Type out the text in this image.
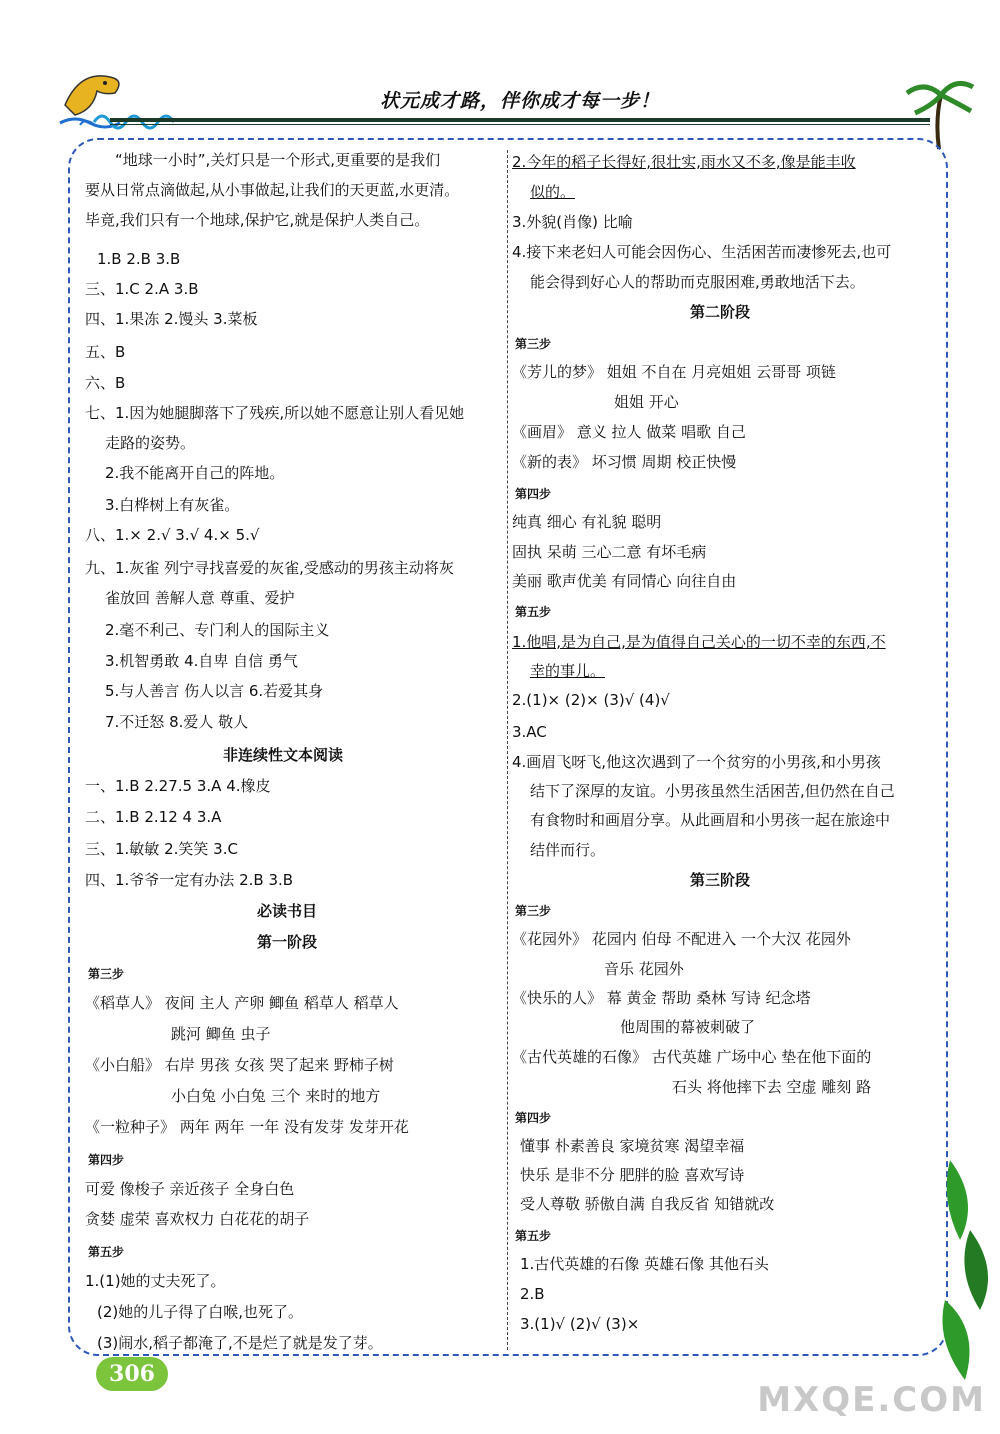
状元成才路，伴你成才每一步！
“地球一小时”,关灯只是一个形式,更重要的是我们
要从日常点滴做起,从小事做起,让我们的天更蓝,水更清。
毕竟,我们只有一个地球,保护它,就是保护人类自己。
1.B 2.B 3.B
三、1.C 2.A 3.B
四、1.果冻 2.馒头 3.菜板
五、B
六、B
七、1.因为她腿脚落下了残疾,所以她不愿意让别人看见她
走路的姿势。
2.我不能离开自己的阵地。
3.白桦树上有灰雀。
八、1.× 2.√ 3.√ 4.× 5.√
九、1.灰雀 列宁寻找喜爱的灰雀,受感动的男孩主动将灰
雀放回 善解人意 尊重、爱护
2.毫不利己、专门利人的国际主义
3.机智勇敢 4.自卑 自信 勇气
5.与人善言 伤人以言 6.若爱其身
7.不迁怒 8.爱人 敬人
非连续性文本阅读
一、1.B 2.27.5 3.A 4.橡皮
二、1.B 2.12 4 3.A
三、1.敏敏 2.笑笑 3.C
四、1.爷爷一定有办法 2.B 3.B
必读书目
第一阶段
第三步
《稻草人》 夜间 主人 产卵 鲫鱼 稻草人 稻草人
跳河 鲫鱼 虫子
《小白船》 右岸 男孩 女孩 哭了起来 野柿子树
小白兔 小白兔 三个 来时的地方
《一粒种子》 两年 两年 一年 没有发芽 发芽开花
第四步
可爱 像梭子 亲近孩子 全身白色
贪婪 虚荣 喜欢权力 白花花的胡子
第五步
1.(1)她的丈夫死了。
(2)她的儿子得了白喉,也死了。
(3)闹水,稻子都淹了,不是烂了就是发了芽。
2.今年的稻子长得好,很壮实,雨水又不多,像是能丰收
似的。
3.外貌(肖像) 比喻
4.接下来老妇人可能会因伤心、生活困苦而凄惨死去,也可
能会得到好心人的帮助而克服困难,勇敢地活下去。
第二阶段
第三步
《芳儿的梦》 姐姐 不自在 月亮姐姐 云哥哥 项链
姐姐 开心
《画眉》 意义 拉人 做菜 唱歌 自己
《新的表》 坏习惯 周期 校正快慢
第四步
纯真 细心 有礼貌 聪明
固执 呆萌 三心二意 有坏毛病
美丽 歌声优美 有同情心 向往自由
第五步
1.他唱,是为自己,是为值得自己关心的一切不幸的东西,不
幸的事儿。
2.(1)× (2)× (3)√ (4)√
3.AC
4.画眉飞呀飞,他这次遇到了一个贫穷的小男孩,和小男孩
结下了深厚的友谊。小男孩虽然生活困苦,但仍然在自己
有食物时和画眉分享。从此画眉和小男孩一起在旅途中
结伴而行。
第三阶段
第三步
《花园外》 花园内 伯母 不配进入 一个大汉 花园外
音乐 花园外
《快乐的人》 幕 黄金 帮助 桑林 写诗 纪念塔
他周围的幕被刺破了
《古代英雄的石像》 古代英雄 广场中心 垫在他下面的
石头 将他摔下去 空虚 雕刻 路
第四步
懂事 朴素善良 家境贫寒 渴望幸福
快乐 是非不分 肥胖的脸 喜欢写诗
受人尊敬 骄傲自满 自我反省 知错就改
第五步
1.古代英雄的石像 英雄石像 其他石头
2.B
3.(1)√ (2)√ (3)×
306
MXQE.COM
